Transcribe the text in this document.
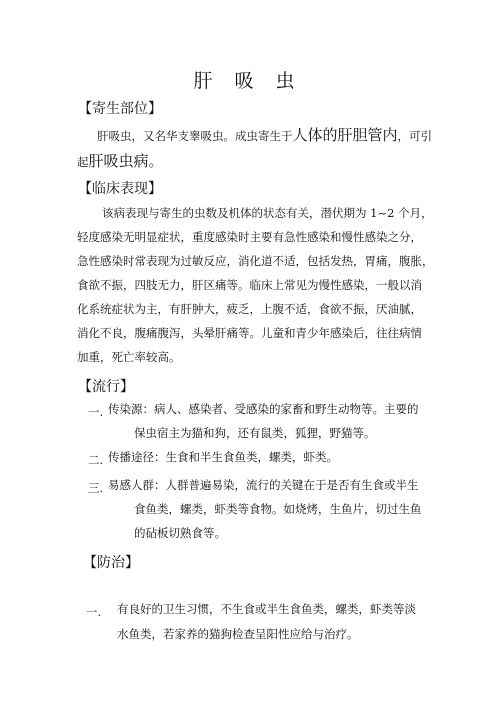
肝 吸 虫
【寄生部位】
肝吸虫，又名华支睾吸虫。成虫寄生于人体的肝胆管内，可引
起肝吸虫病。
【临床表现】
该病表现与寄生的虫数及机体的状态有关，潜伏期为 1~2 个月，
轻度感染无明显症状，重度感染时主要有急性感染和慢性感染之分，
急性感染时常表现为过敏反应，消化道不适，包括发热，胃痛，腹胀，
食欲不振，四肢无力，肝区痛等。临床上常见为慢性感染，一般以消
化系统症状为主，有肝肿大，疲乏，上腹不适，食欲不振，厌油腻，
消化不良，腹痛腹泻，头晕肝痛等。儿童和青少年感染后，往往病情
加重，死亡率较高。
【流行】
一. 传染源：病人、感染者、受感染的家畜和野生动物等。主要的
保虫宿主为猫和狗，还有鼠类，狐狸，野猫等。
二. 传播途径：生食和半生食鱼类，螺类，虾类。
三. 易感人群：人群普遍易染，流行的关键在于是否有生食或半生
食鱼类，螺类，虾类等食物。如烧烤，生鱼片，切过生鱼
的砧板切熟食等。
【防治】
一. 有良好的卫生习惯，不生食或半生食鱼类，螺类，虾类等淡
水鱼类，若家养的猫狗检查呈阳性应给与治疗。
